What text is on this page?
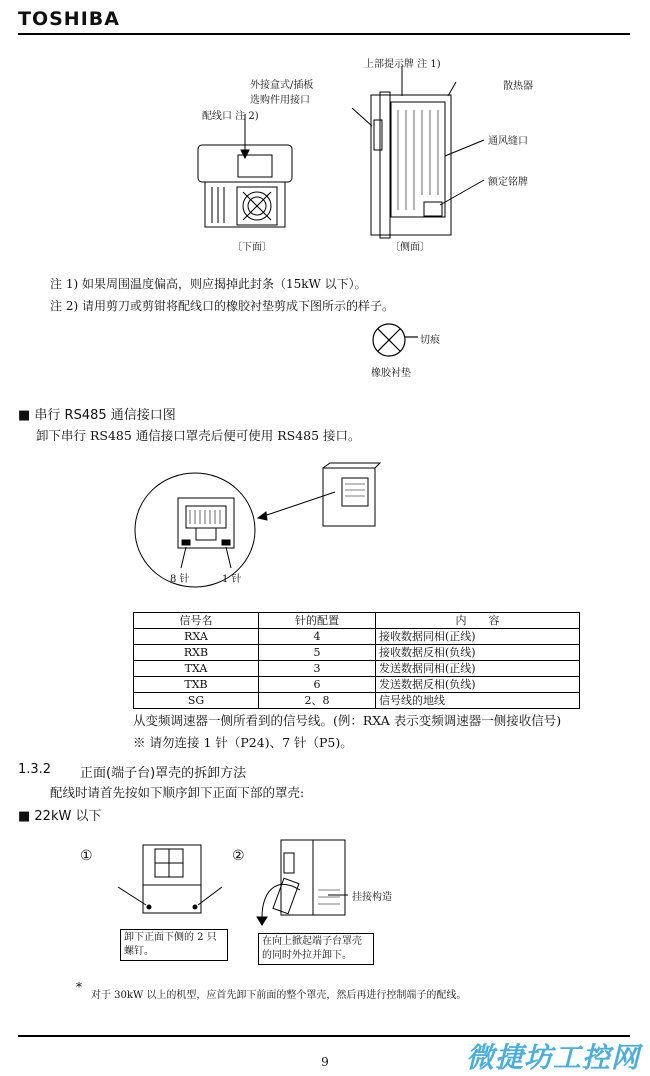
TOSHIBA
上部提示牌 注 1)
散热器
外接盒式/插板
选购件用接口
配线口 注 2)
通风缝口
额定铭牌
〔下面〕	〔侧面〕
注 1) 如果周围温度偏高，则应揭掉此封条（15kW 以下）。
注 2) 请用剪刀或剪钳将配线口的橡胶衬垫剪成下图所示的样子。
切痕
橡胶衬垫
■ 串行 RS485 通信接口图
卸下串行 RS485 通信接口罩壳后便可使用 RS485 接口。
8 针	1 针
信号名	针的配置	内　　容
RXA	4	接收数据同相(正线)
RXB	5	接收数据反相(负线)
TXA	3	发送数据同相(正线)
TXB	6	发送数据反相(负线)
SG	2、8	信号线的地线
从变频调速器一侧所看到的信号线。(例：RXA 表示变频调速器一侧接收信号)
※ 请勿连接 1 针（P24)、7 针（P5)。
1.3.2 正面(端子台)罩壳的拆卸方法
配线时请首先按如下顺序卸下正面下部的罩壳:
■ 22kW 以下
①	②
挂接构造
卸下正面下侧的 2 只螺钉。
在向上掀起端子台罩壳的同时外拉并卸下。
*
对于 30kW 以上的机型，应首先卸下前面的整个罩壳，然后再进行控制端子的配线。
9	微捷坊工控网
